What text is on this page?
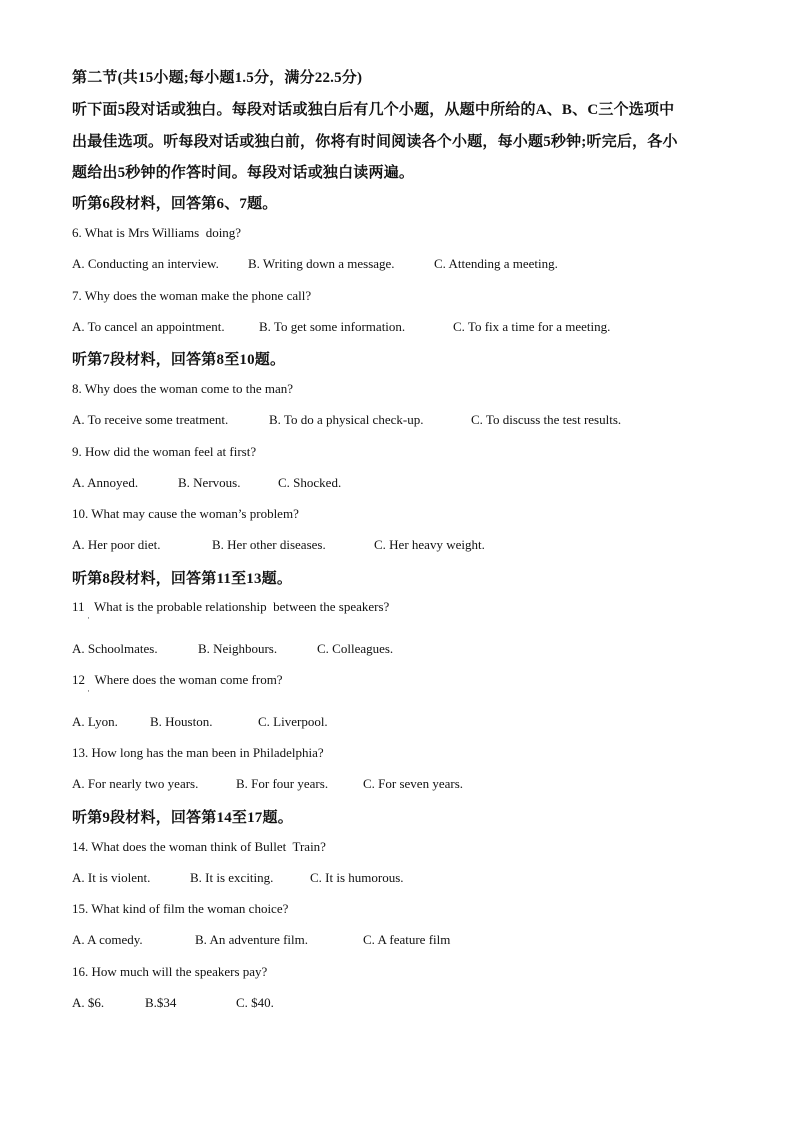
第二节(共15小题;每小题1.5分，满分22.5分)
听下面5段对话或独白。每段对话或独白后有几个小题，从题中所给的A、B、C三个选项中
出最佳选项。听每段对话或独白前，你将有时间阅读各个小题，每小题5秒钟;听完后，各小
题给出5秒钟的作答时间。每段对话或独白读两遍。
听第6段材料，回答第6、7题。
6. What is Mrs Williams  doing?
A. Conducting an interview. B. Writing down a message.	C. Attending a meeting.
7. Why does the woman make the phone call?
A. To cancel an appointment.	B. To get some information.	C. To fix a time for a meeting.
听第7段材料，回答第8至10题。
8. Why does the woman come to the man?
A. To receive some treatment.	B. To do a physical check-up.	C. To discuss the test results.
9. How did the woman feel at first?
A. Annoyed.	B. Nervous.	C. Shocked.
10. What may cause the woman’s problem?
A. Her poor diet.	B. Her other diseases.	C. Her heavy weight.
听第8段材料，回答第11至13题。
11   What is the probable relationship  between the speakers?
·
A. Schoolmates.	B. Neighbours.	C. Colleagues.
12   Where does the woman come from?
·
A. Lyon. B. Houston.	C. Liverpool.
13. How long has the man been in Philadelphia?
A. For nearly two years.	B. For four years.	C. For seven years.
听第9段材料，回答第14至17题。
14. What does the woman think of Bullet  Train?
A. It is violent.	B. It is exciting.	C. It is humorous.
15. What kind of film the woman choice?
A. A comedy.	B. An adventure film.	C. A feature film
16. How much will the speakers pay?
A. $6.	B.$34	C. $40.
